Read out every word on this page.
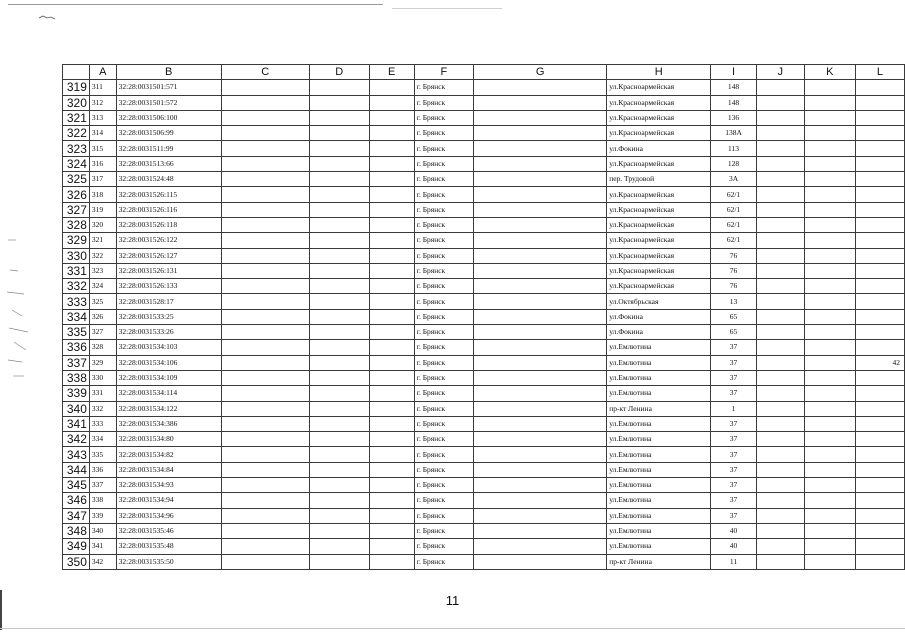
	A	B	C	D	E	F	G	H	I	J	K	L
319	311	32:28:0031501:571				г. Брянск		ул.Красноармейская	148			
320	312	32:28:0031501:572				г. Брянск		ул.Красноармейская	148			
321	313	32:28:0031506:100				г. Брянск		ул.Красноармейская	136			
322	314	32:28:0031506:99				г. Брянск		ул.Красноармейская	138А			
323	315	32:28:0031511:99				г. Брянск		ул.Фокина	113			
324	316	32:28:0031513:66				г. Брянск		ул.Красноармейская	128			
325	317	32:28:0031524:48				г. Брянск		пер. Трудовой	3А			
326	318	32:28:0031526:115				г. Брянск		ул.Красноармейская	62/1			
327	319	32:28:0031526:116				г. Брянск		ул.Красноармейская	62/1			
328	320	32:28:0031526:118				г. Брянск		ул.Красноармейская	62/1			
329	321	32:28:0031526:122				г. Брянск		ул.Красноармейская	62/1			
330	322	32:28:0031526:127				г. Брянск		ул.Красноармейская	76			
331	323	32:28:0031526:131				г. Брянск		ул.Красноармейская	76			
332	324	32:28:0031526:133				г. Брянск		ул.Красноармейская	76			
333	325	32:28:0031528:17				г. Брянск		ул.Октябрьская	13			
334	326	32:28:0031533:25				г. Брянск		ул.Фокина	65			
335	327	32:28:0031533:26				г. Брянск		ул.Фокина	65			
336	328	32:28:0031534:103				г. Брянск		ул.Емлютина	37			
337	329	32:28:0031534:106				г. Брянск		ул.Емлютина	37			42
338	330	32:28:0031534:109				г. Брянск		ул.Емлютина	37			
339	331	32:28:0031534:114				г. Брянск		ул.Емлютина	37			
340	332	32:28:0031534:122				г. Брянск		пр-кт Ленина	1			
341	333	32:28:0031534:386				г. Брянск		ул.Емлютина	37			
342	334	32:28:0031534:80				г. Брянск		ул.Емлютина	37			
343	335	32:28:0031534:82				г. Брянск		ул.Емлютина	37			
344	336	32:28:0031534:84				г. Брянск		ул.Емлютина	37			
345	337	32:28:0031534:93				г. Брянск		ул.Емлютина	37			
346	338	32:28:0031534:94				г. Брянск		ул.Емлютина	37			
347	339	32:28:0031534:96				г. Брянск		ул.Емлютина	37			
348	340	32:28:0031535:46				г. Брянск		ул.Емлютина	40			
349	341	32:28:0031535:48				г. Брянск		ул.Емлютина	40			
350	342	32:28:0031535:50				г. Брянск		пр-кт Ленина	11			
11
